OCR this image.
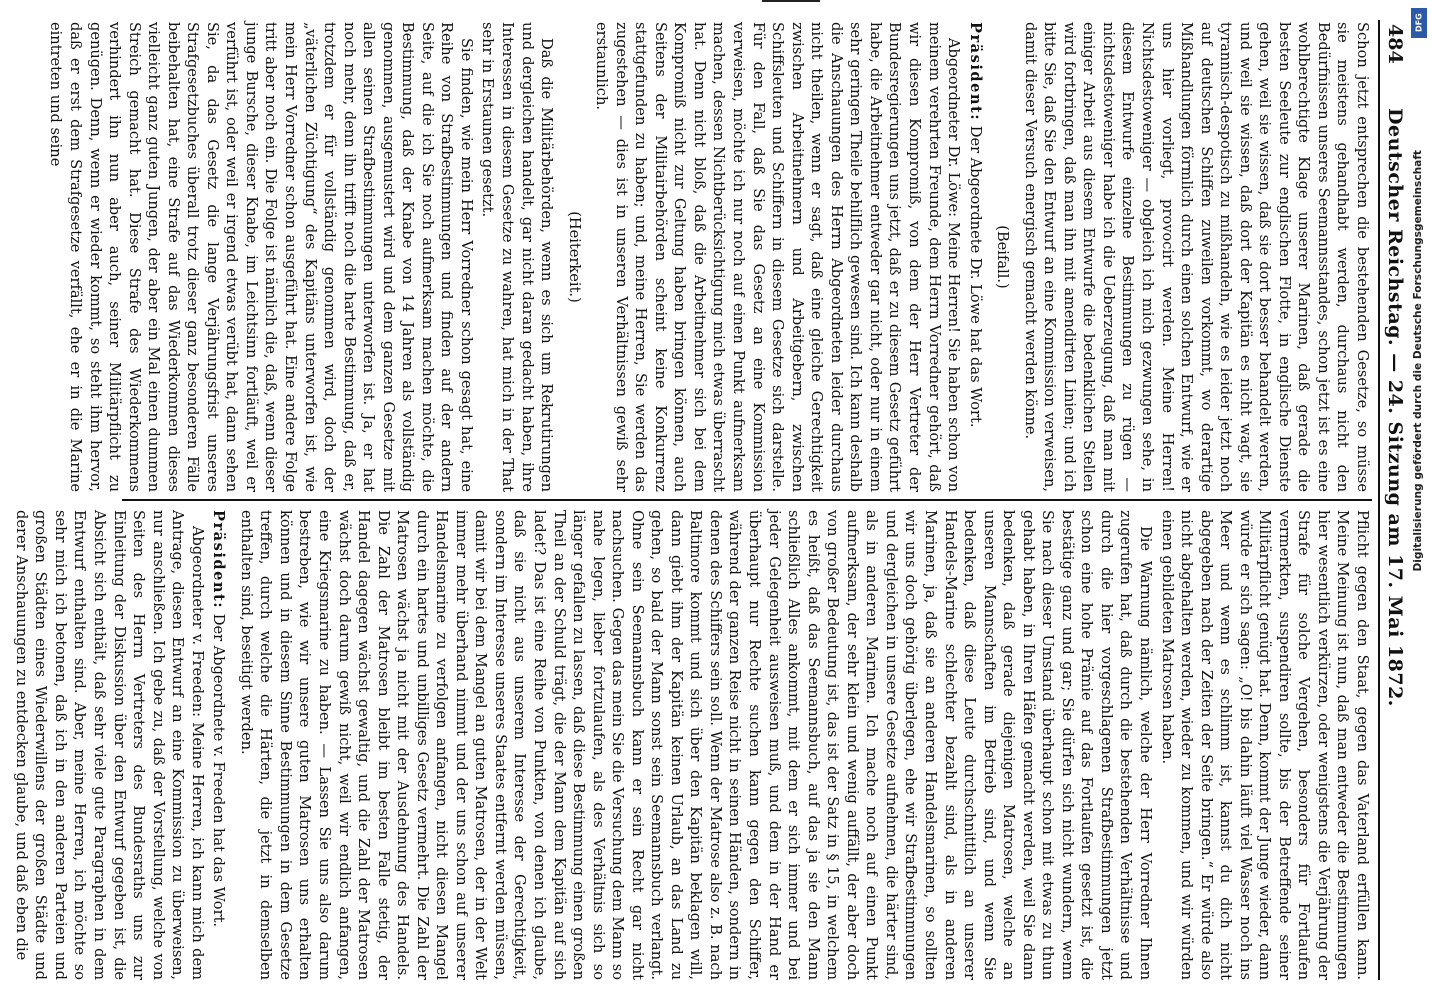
484
Deutscher Reichstag. — 24. Sitzung am 17. Mai 1872.

Schon jetzt entsprechen die bestehenden Gesetze, so müsse sie meistens gehandhabt werden, durchaus nicht den Bedürfnissen unseres Seemannsstandes, schon jetzt ist es eine wohlberechtigte Klage unserer Marinen, daß gerade die besten Seeleute zur englischen Flotte, in englische Dienste gehen, weil sie wissen, daß sie dort besser behandelt werden, und weil sie wissen, daß dort der Kapitän es nicht wagt, sie tyrannisch-despotisch zu mißhandeln, wie es leider jetzt noch auf deutschen Schiffen zuweilen vorkommt, wo derartige Mißhandlungen förmlich durch einen solchen Entwurf, wie er uns hier vorliegt, provocirt werden. Meine Herren! Nichtsdestoweniger — obgleich ich mich gezwungen sehe, in diesem Entwurfe einzelne Bestimmungen zu rügen — nichtsdestoweniger habe ich die Ueberzeugung, daß man mit einiger Arbeit aus diesem Entwurfe die bedenklichen Stellen wird fortbringen, daß man ihn mit amendirten Linien; und ich bitte Sie, daß Sie den Entwurf an eine Kommission verweisen, damit dieser Versuch energisch gemacht werden könne.

(Beifall.)

Präsident: Der Abgeordnete Dr. Löwe hat das Wort.

Abgeordneter Dr. Löwe: Meine Herren! Sie haben schon von meinem verehrten Freunde, dem Herrn Vorredner gehört, daß wir diesen Kompromiß, von dem der Herr Vertreter der Bundesregierungen uns jetzt, daß er zu diesem Gesetz geführt habe, die Arbeitnehmer entweder gar nicht, oder nur in einem sehr geringen Theile behilflich gewesen sind. Ich kann deshalb die Anschauungen des Herrn Abgeordneten leider durchaus nicht theilen, wenn er sagt, daß eine gleiche Gerechtigkeit zwischen Arbeitnehmern und Arbeitgebern, zwischen Schiffsleuten und Schiffern in diesem Gesetze sich darstelle. Für den Fall, daß Sie das Gesetz an eine Kommission verweisen, möchte ich nur noch auf einen Punkt aufmerksam machen, dessen Nichtberücksichtigung mich etwas überrascht hat. Denn nicht bloß, daß die Arbeitnehmer sich bei dem Kompromiß nicht zur Geltung haben bringen können, auch Seitens der Militairbehörden scheint keine Konkurrenz stattgefunden zu haben; und, meine Herren, Sie werden das zugestehen — dies ist in unseren Verhältnissen gewiß sehr erstaunlich.

(Heiterkeit.)

Daß die Militärbehörden, wenn es sich um Rekrutirungen und dergleichen handelt, gar nicht daran gedacht haben, ihre Interessen in diesem Gesetze zu wahren, hat mich in der That sehr in Erstaunen gesetzt.

Sie finden, wie mein Herr Vorredner schon gesagt hat, eine Reihe von Strafbestimmungen und finden auf der andern Seite, auf die ich Sie noch aufmerksam machen möchte, die Bestimmung, daß der Knabe von 14 Jahren als vollständig genommen, ausgemustert wird und dem ganzen Gesetze mit allen seinen Strafbestimmungen unterworfen ist. Ja, er hat noch mehr, denn ihn trifft noch die harte Bestimmung, daß er, trotzdem er für vollständig genommen wird, doch der „väterlichen Züchtigung“ des Kapitäns unterworfen ist, wie mein Herr Vorredner schon ausgeführt hat. Eine andere Folge tritt aber noch ein. Die Folge ist nämlich die, daß, wenn dieser junge Bursche, dieser Knabe, im Leichtsinn fortläuft, weil er verführt ist, oder weil er irgend etwas verübt hat, dann sehen Sie, da das Gesetz die lange Verjährungsfrist unseres Strafgesetzbuches überall trotz dieser ganz besonderen Fälle beibehalten hat, eine Strafe auf das Wiederkommen dieses vielleicht ganz guten Jungen, der aber ein Mal einen dummen Streich gemacht hat. Diese Strafe des Wiederkommens verhindert ihn nun aber auch, seiner Militärpflicht zu genügen. Denn, wenn er wieder kommt, so steht ihm hervor, daß er erst dem Strafgesetze verfällt, ehe er in die Marine eintreten und seine

Pflicht gegen den Staat, gegen das Vaterland erfüllen kann. Meine Meinung ist nun, daß man entweder die Bestimmungen hier wesentlich verkürzen, oder wenigstens die Verjährung der Strafe für solche Vergehen, besonders für Fortlaufen vermerkten, suspendiren sollte, bis der Betreffende seiner Militärpflicht genügt hat. Denn, kommt der Junge wieder, dann würde er sich sagen: „O! bis dahin läuft viel Wasser noch ins Meer und wenn es schlimm ist, kannst du dich nicht abgegeben nach der Zeiten der Seite bringen.“ Er würde also nicht abgehalten werden, wieder zu kommen, und wir würden einen gebildeten Matrosen haben.

Die Warnung nämlich, welche der Herr Vorredner Ihnen zugerufen hat, daß durch die bestehenden Verhältnisse und durch die hier vorgeschlagenen Strafbestimmungen jetzt schon eine hohe Prämie auf das Fortlaufen gesetzt ist, die bestätige ganz und gar; Sie dürfen sich nicht wundern, wenn Sie nach dieser Umstand überhaupt schon mit etwas zu thun gehabt haben, in Ihren Häfen gemacht werden, weil Sie dann bedenken, daß gerade diejenigen Matrosen, welche an unseren Mannschaften im Betrieb sind, und wenn Sie bedenken, daß diese Leute durchschnittlich an unserer Handels-Marine schlechter bezahlt sind, als in anderen Marinen, ja, daß sie an anderen Handelsmarinen, so sollten wir uns doch gehörig überlegen, ehe wir Strafbestimmungen und dergleichen in unsere Gesetze aufnehmen, die härter sind, als in anderen Marinen. Ich mache noch auf einen Punkt aufmerksam, der sehr klein und wenig auffällt, der aber doch von großer Bedeutung ist, das ist der Satz in § 15, in welchem es heißt, daß das Seemannsbuch, auf das ja sie den Mann schließlich Alles ankommt, mit dem er sich immer und bei jeder Gelegenheit ausweisen muß, und dem in der Hand er überhaupt nur Rechte suchen kann gegen den Schiffer, während der ganzen Reise nicht in seinen Händen, sondern in denen des Schiffers sein soll. Wenn der Matrose also z. B. nach Baltimore kommt und sich über den Kapitän beklagen will, dann giebt ihm der Kapitän keinen Urlaub, an das Land zu gehen, so bald der Mann sonst sein Seemannsbuch verlangt. Ohne sein Seemannsbuch kann er sein Recht gar nicht nachsuchen. Gegen das mein Sie die Versuchung dem Mann so nahe legen, lieber fortzulaufen, als des Verhältnis sich so länger gefallen zu lassen, daß diese Bestimmung einen großen Theil an der Schuld trägt, die der Mann dem Kapitän auf sich ladet? Das ist eine Reihe von Punkten, von denen ich glaube, daß sie nicht aus unserem Interesse der Gerechtigkeit, sondern im Interesse unseres Staates entfernt werden müssen, damit wir bei dem Mangel an guten Matrosen, der in der Welt immer mehr überhand nimmt und der uns schon auf unserer Handelsmarine zu verfolgen anfangen, nicht diesen Mangel durch ein hartes und unbilliges Gesetz vermehrt. Die Zahl der Matrosen wächst ja nicht mit der Ausdehnung des Handels. Die Zahl der Matrosen bleibt im besten Falle stetig, der Handel dagegen wächst gewaltig, und die Zahl der Matrosen wächst doch darum gewiß nicht, weil wir endlich anfangen, eine Kriegsmarine zu haben. — Lassen Sie uns also darum bestreben, wie wir unsere guten Matrosen uns erhalten können und in diesem Sinne Bestimmungen in dem Gesetze treffen, durch welche die Härten, die jetzt in demselben enthalten sind, beseitigt werden.

Präsident: Der Abgeordnete v. Freeden hat das Wort.

Abgeordneter v. Freeden: Meine Herren, ich kann mich dem Antrage, diesen Entwurf an eine Kommission zu überweisen, nur anschließen. Ich gebe zu, daß der Vorstellung, welche von Seiten des Herrn Vertreters des Bundesraths uns zur Einleitung der Diskussion über den Entwurf gegeben ist, die Absicht sich enthält, daß sehr viele gute Paragraphen in dem Entwurf enthalten sind. Aber, meine Herren, ich möchte so sehr mich ich betonen, daß ich in den anderen Parteien und großen Städten eines Wiederwillens der großen Städte und derer Anschauungen zu entdecken glaube, und daß eben die

DFG
Digitalisierung gefördert durch die Deutsche Forschungsgemeinschaft
